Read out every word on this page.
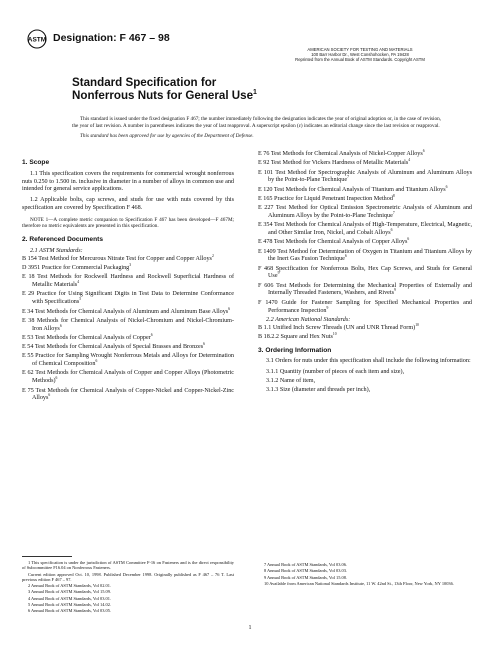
ASTM Designation: F 467 – 98
AMERICAN SOCIETY FOR TESTING AND MATERIALS
100 Barr Harbor Dr., West Conshohocken, PA 19428
Reprinted from the Annual Book of ASTM Standards. Copyright ASTM
Standard Specification for
Nonferrous Nuts for General Use$^1$

This standard is issued under the fixed designation F 467; the number immediately following the designation indicates the year of original adoption or, in the case of revision, the year of last revision. A number in parentheses indicates the year of last reapproval. A superscript epsilon (ε) indicates an editorial change since the last revision or reapproval.

This standard has been approved for use by agencies of the Department of Defense.

1. Scope

1.1 This specification covers the requirements for commercial wrought nonferrous nuts 0.250 to 1.500 in. inclusive in diameter in a number of alloys in common use and intended for general service applications.

1.2 Applicable bolts, cap screws, and studs for use with nuts covered by this specification are covered by Specification F 468.

NOTE 1—A complete metric companion to Specification F 467 has been developed—F 467M; therefore no metric equivalents are presented in this specification.

2. Referenced Documents

2.1 ASTM Standards:

B 154 Test Method for Mercurous Nitrate Test for Copper and Copper Alloys$^2$

D 3951 Practice for Commercial Packaging$^3$

E 18 Test Methods for Rockwell Hardness and Rockwell Superficial Hardness of Metallic Materials$^4$

E 29 Practice for Using Significant Digits in Test Data to Determine Conformance with Specifications$^5$

E 34 Test Methods for Chemical Analysis of Aluminum and Aluminum Base Alloys$^6$

E 38 Methods for Chemical Analysis of Nickel-Chromium and Nickel-Chromium-Iron Alloys$^6$

E 53 Test Methods for Chemical Analysis of Copper$^6$

E 54 Test Methods for Chemical Analysis of Special Brasses and Bronzes$^6$

E 55 Practice for Sampling Wrought Nonferrous Metals and Alloys for Determination of Chemical Composition$^6$

E 62 Test Methods for Chemical Analysis of Copper and Copper Alloys (Photometric Methods)$^6$

E 75 Test Methods for Chemical Analysis of Copper-Nickel and Copper-Nickel-Zinc Alloys$^6$

E 76 Test Methods for Chemical Analysis of Nickel-Copper Alloys$^6$

E 92 Test Method for Vickers Hardness of Metallic Materials$^4$

E 101 Test Method for Spectrographic Analysis of Aluminum and Aluminum Alloys by the Point-to-Plane Technique$^7$

E 120 Test Methods for Chemical Analysis of Titanium and Titanium Alloys$^6$

E 165 Practice for Liquid Penetrant Inspection Method$^8$

E 227 Test Method for Optical Emission Spectrometric Analysis of Aluminum and Aluminum Alloys by the Point-to-Plane Technique$^7$

E 354 Test Methods for Chemical Analysis of High-Temperature, Electrical, Magnetic, and Other Similar Iron, Nickel, and Cobalt Alloys$^6$

E 478 Test Methods for Chemical Analysis of Copper Alloys$^6$

E 1409 Test Method for Determination of Oxygen in Titanium and Titanium Alloys by the Inert Gas Fusion Technique$^6$

F 468 Specification for Nonferrous Bolts, Hex Cap Screws, and Studs for General Use$^9$

F 606 Test Methods for Determining the Mechanical Properties of Externally and Internally Threaded Fasteners, Washers, and Rivets$^9$

F 1470 Guide for Fastener Sampling for Specified Mechanical Properties and Performance Inspection$^9$

2.2 American National Standards:

B 1.1 Unified Inch Screw Threads (UN and UNR Thread Form)$^{10}$

B 18.2.2 Square and Hex Nuts$^{10}$

3. Ordering Information

3.1 Orders for nuts under this specification shall include the following information:

3.1.1 Quantity (number of pieces of each item and size),
3.1.2 Name of item,
3.1.3 Size (diameter and threads per inch),

1 This specification is under the jurisdiction of ASTM Committee F-16 on Fasteners and is the direct responsibility of Subcommittee F16.04 on Nonferrous Fasteners.

Current edition approved Oct. 10, 1998. Published December 1998. Originally published as F 467 – 76 T. Last previous edition F 467 – 97.

2 Annual Book of ASTM Standards, Vol 02.01.

3 Annual Book of ASTM Standards, Vol 15.09.

4 Annual Book of ASTM Standards, Vol 03.01.

5 Annual Book of ASTM Standards, Vol 14.02.

6 Annual Book of ASTM Standards, Vol 03.05.

7 Annual Book of ASTM Standards, Vol 03.06.

8 Annual Book of ASTM Standards, Vol 03.03.

9 Annual Book of ASTM Standards, Vol 15.08.

10 Available from American National Standards Institute, 11 W. 42nd St., 13th Floor, New York, NY 10036.

1
